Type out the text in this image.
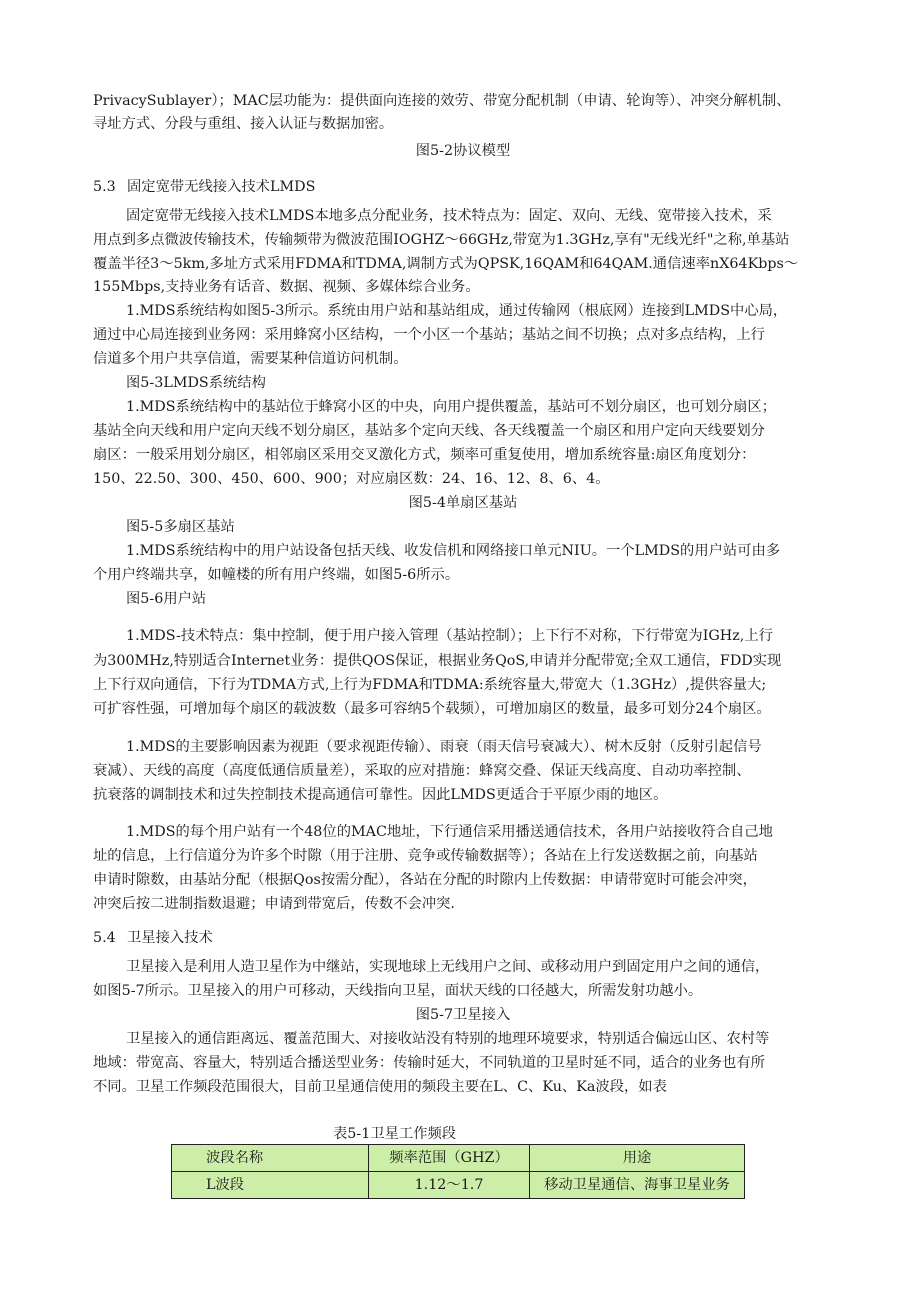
PrivacySublayer）；MAC层功能为：提供面向连接的效劳、带宽分配机制（申请、轮询等）、冲突分解机制、
寻址方式、分段与重组、接入认证与数据加密。
图5-2协议模型
5.3 固定宽带无线接入技术LMDS
固定宽带无线接入技术LMDS本地多点分配业务，技术特点为：固定、双向、无线、宽带接入技术，采
用点到多点微波传输技术，传输频带为微波范围IOGHZ～66GHz,带宽为1.3GHz,享有"无线光纤"之称,单基站
覆盖半径3～5km,多址方式采用FDMA和TDMA,调制方式为QPSK,16QAM和64QAM.通信速率nX64Kbps～
155Mbps,支持业务有话音、数据、视频、多媒体综合业务。
1.MDS系统结构如图5-3所示。系统由用户站和基站组成，通过传输网（根底网）连接到LMDS中心局，
通过中心局连接到业务网：采用蜂窝小区结构，一个小区一个基站；基站之间不切换；点对多点结构，上行
信道多个用户共享信道，需要某种信道访问机制。
图5-3LMDS系统结构
1.MDS系统结构中的基站位于蜂窝小区的中央，向用户提供覆盖，基站可不划分扇区，也可划分扇区；
基站全向天线和用户定向天线不划分扇区，基站多个定向天线、各天线覆盖一个扇区和用户定向天线要划分
扇区：一般采用划分扇区，相邻扇区采用交叉激化方式，频率可重复使用，增加系统容量:扇区角度划分：
150、22.50、300、450、600、900；对应扇区数：24、16、12、8、6、4。
图5-4单扇区基站
图5-5多扇区基站
1.MDS系统结构中的用户站设备包括天线、收发信机和网络接口单元NIU。一个LMDS的用户站可由多
个用户终端共享，如幢楼的所有用户终端，如图5-6所示。
图5-6用户站
1.MDS-技术特点：集中控制，便于用户接入管理（基站控制）；上下行不对称，下行带宽为IGHz,上行
为300MHz,特别适合Internet业务：提供QOS保证，根据业务QoS,申请并分配带宽;全双工通信，FDD实现
上下行双向通信，下行为TDMA方式,上行为FDMA和TDMA:系统容量大,带宽大（1.3GHz）,提供容量大;
可扩容性强，可增加每个扇区的载波数（最多可容纳5个载频），可增加扇区的数量，最多可划分24个扇区。
1.MDS的主要影响因素为视距（要求视距传输）、雨衰（雨天信号衰减大）、树木反射（反射引起信号
衰减）、天线的高度（高度低通信质量差），采取的应对措施：蜂窝交叠、保证天线高度、自动功率控制、
抗衰落的调制技术和过失控制技术提高通信可靠性。因此LMDS更适合于平原少雨的地区。
1.MDS的每个用户站有一个48位的MAC地址，下行通信采用播送通信技术，各用户站接收符合自己地
址的信息，上行信道分为许多个时隙（用于注册、竞争或传输数据等）；各站在上行发送数据之前，向基站
申请时隙数，由基站分配（根据Qos按需分配），各站在分配的时隙内上传数据：申请带宽时可能会冲突，
冲突后按二进制指数退避；申请到带宽后，传数不会冲突.
5.4 卫星接入技术
卫星接入是利用人造卫星作为中继站，实现地球上无线用户之间、或移动用户到固定用户之间的通信，
如图5-7所示。卫星接入的用户可移动，天线指向卫星，面状天线的口径越大，所需发射功越小。
图5-7卫星接入
卫星接入的通信距离远、覆盖范围大、对接收站没有特别的地理环境要求，特别适合偏远山区、农村等
地域：带宽高、容量大，特别适合播送型业务：传输时延大，不同轨道的卫星时延不同，适合的业务也有所
不同。卫星工作频段范围很大，目前卫星通信使用的频段主要在L、C、Ku、Ka波段，如表
表5-1卫星工作频段
波段名称	频率范围（GHZ）	用途
L波段	1.12～1.7	移动卫星通信、海事卫星业务
